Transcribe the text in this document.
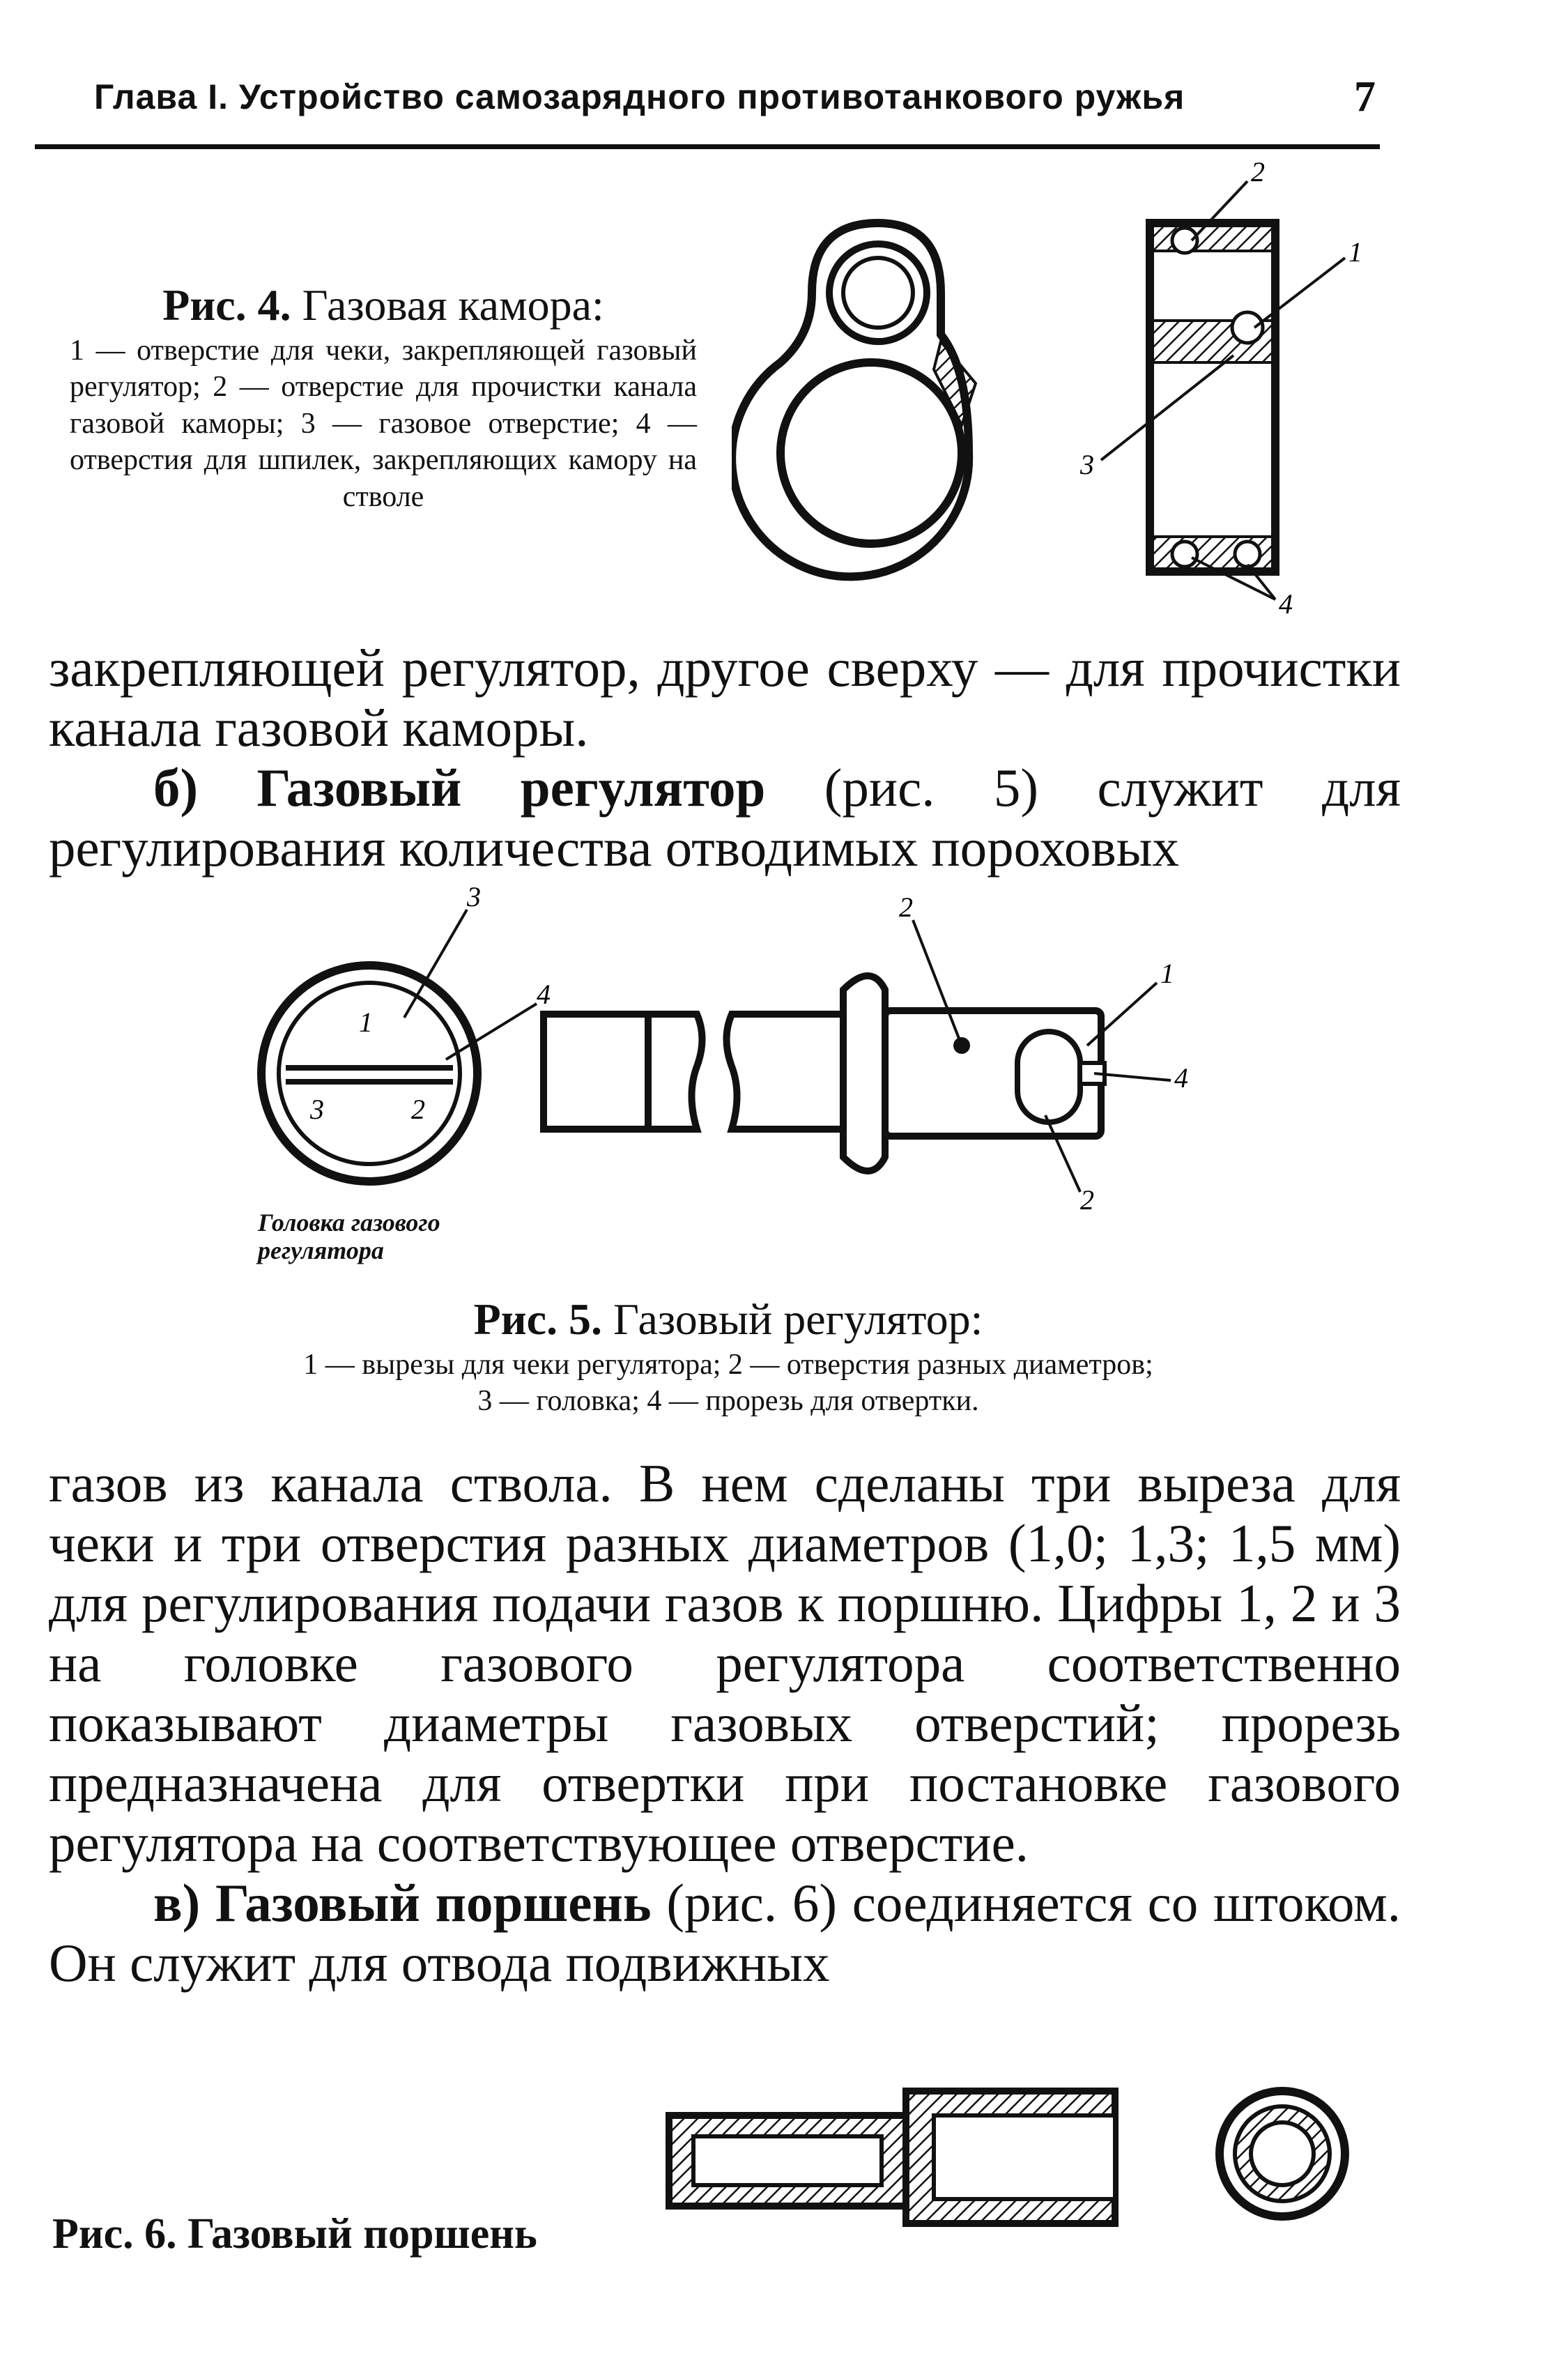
Глава I. Устройство самозарядного противотанкового ружья	7
Рис. 4. Газовая камора:
1 — отверстие для чеки, закрепляющей газовый регулятор; 2 — отверстие для прочистки канала газовой каморы; 3 — газовое отверстие; 4 — отверстия для шпилек, закрепляющих камору на стволе
2
1
3
4

закрепляющей регулятор, другое сверху — для прочистки канала газовой каморы.

б) Газовый регулятор (рис. 5) служит для регулирования количества отводимых пороховых

1
3	2
3
4
2
1
4
2
Головка газового регулятора
Рис. 5. Газовый регулятор:
1 — вырезы для чеки регулятора; 2 — отверстия разных диаметров;
3 — головка; 4 — прорезь для отвертки.

газов из канала ствола. В нем сделаны три выреза для чеки и три отверстия разных диаметров (1,0; 1,3; 1,5 мм) для регулирования подачи газов к поршню. Цифры 1, 2 и 3 на головке газового регулятора соответственно показывают диаметры газовых отверстий; прорезь предназначена для отвертки при постановке газового регулятора на соответствующее отверстие.

в) Газовый поршень (рис. 6) соединяется со штоком. Он служит для отвода подвижных

Рис. 6. Газовый поршень
